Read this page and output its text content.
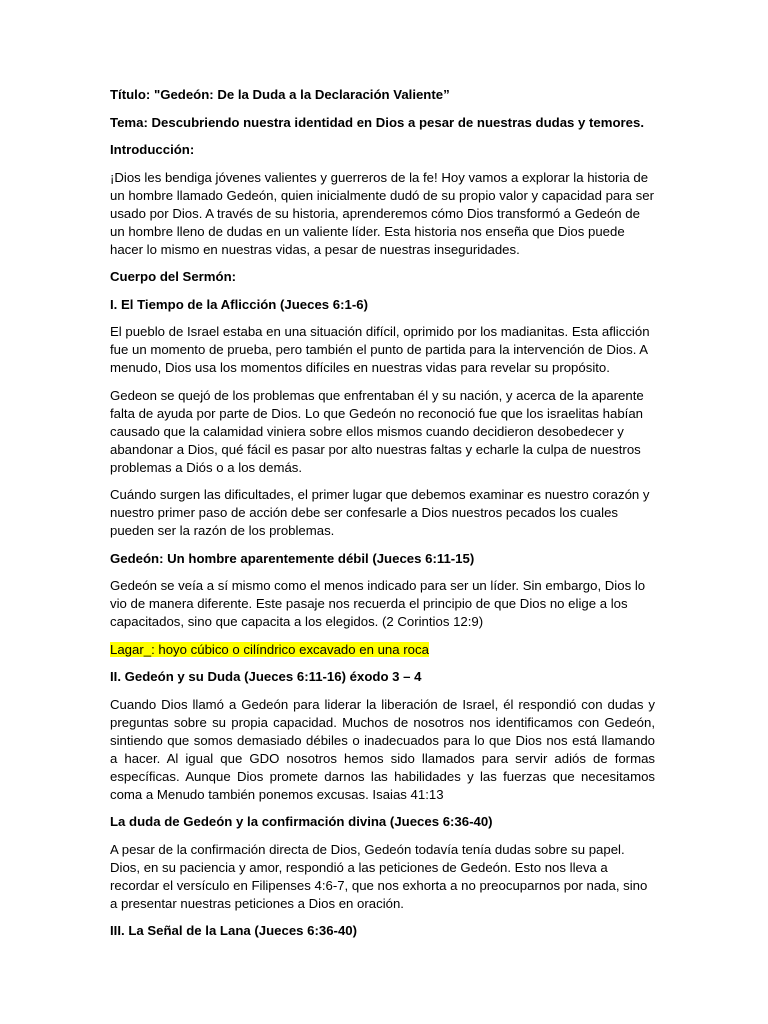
Título: "Gedeón: De la Duda a la Declaración Valiente”

Tema: Descubriendo nuestra identidad en Dios a pesar de nuestras dudas y temores.

Introducción:

¡Dios les bendiga jóvenes valientes y guerreros de la fe! Hoy vamos a explorar la historia de un hombre llamado Gedeón, quien inicialmente dudó de su propio valor y capacidad para ser usado por Dios. A través de su historia, aprenderemos cómo Dios transformó a Gedeón de un hombre lleno de dudas en un valiente líder. Esta historia nos enseña que Dios puede hacer lo mismo en nuestras vidas, a pesar de nuestras inseguridades.

Cuerpo del Sermón:

I. El Tiempo de la Aflicción (Jueces 6:1-6)

El pueblo de Israel estaba en una situación difícil, oprimido por los madianitas. Esta aflicción fue un momento de prueba, pero también el punto de partida para la intervención de Dios. A menudo, Dios usa los momentos difíciles en nuestras vidas para revelar su propósito.

Gedeon se quejó de los problemas que enfrentaban él y su nación, y acerca de la aparente falta de ayuda por parte de Dios. Lo que Gedeón no reconoció fue que los israelitas habían causado que la calamidad viniera sobre ellos mismos cuando decidieron desobedecer y abandonar a Dios, qué fácil es pasar por alto nuestras faltas y echarle la culpa de nuestros problemas a Diós o a los demás.

Cuándo surgen las dificultades, el primer lugar que debemos examinar es nuestro corazón y nuestro primer paso de acción debe ser confesarle a Dios nuestros pecados los cuales pueden ser la razón de los problemas.

Gedeón: Un hombre aparentemente débil (Jueces 6:11-15)

Gedeón se veía a sí mismo como el menos indicado para ser un líder. Sin embargo, Dios lo vio de manera diferente. Este pasaje nos recuerda el principio de que Dios no elige a los capacitados, sino que capacita a los elegidos. (2 Corintios 12:9)

Lagar_: hoyo cúbico o cilíndrico excavado en una roca

II. Gedeón y su Duda (Jueces 6:11-16) éxodo 3 – 4

Cuando Dios llamó a Gedeón para liderar la liberación de Israel, él respondió con dudas y preguntas sobre su propia capacidad. Muchos de nosotros nos identificamos con Gedeón, sintiendo que somos demasiado débiles o inadecuados para lo que Dios nos está llamando a hacer. Al igual que GDO nosotros hemos sido llamados para servir adiós de formas específicas. Aunque Dios promete darnos las habilidades y las fuerzas que necesitamos coma a Menudo también ponemos excusas. Isaias 41:13

La duda de Gedeón y la confirmación divina (Jueces 6:36-40)

A pesar de la confirmación directa de Dios, Gedeón todavía tenía dudas sobre su papel. Dios, en su paciencia y amor, respondió a las peticiones de Gedeón. Esto nos lleva a recordar el versículo en Filipenses 4:6-7, que nos exhorta a no preocuparnos por nada, sino a presentar nuestras peticiones a Dios en oración.

III. La Señal de la Lana (Jueces 6:36-40)
